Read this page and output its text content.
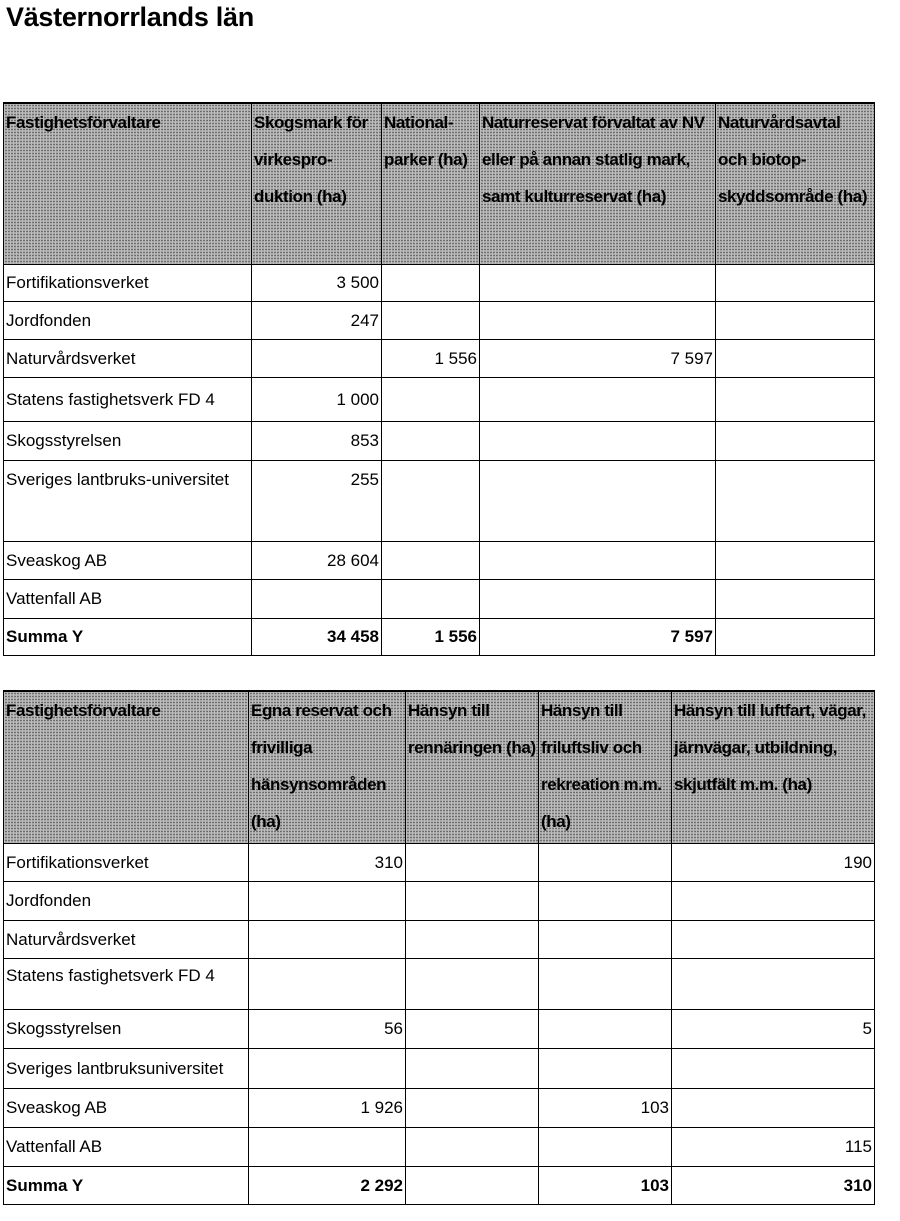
Västernorrlands län
Fastighetsförvaltare	Skogsmark för virkespro-duktion (ha)	National-parker (ha)	Naturreservat förvaltat av NV eller på annan statlig mark, samt kulturreservat (ha)	Naturvårdsavtal och biotop-skyddsområde (ha)
Fortifikationsverket	3 500			
Jordfonden	247			
Naturvårdsverket		1 556	7 597	
Statens fastighetsverk FD 4	1 000			
Skogsstyrelsen	853			
Sveriges lantbruks-universitet	255			
Sveaskog AB	28 604			
Vattenfall AB				
Summa Y	34 458	1 556	7 597	
Fastighetsförvaltare	Egna reservat och frivilliga hänsynsområden (ha)	Hänsyn till rennäringen (ha)	Hänsyn till friluftsliv och rekreation m.m. (ha)	Hänsyn till luftfart, vägar, järnvägar, utbildning, skjutfält m.m. (ha)
Fortifikationsverket	310			190
Jordfonden				
Naturvårdsverket				
Statens fastighetsverk FD 4				
Skogsstyrelsen	56			5
Sveriges lantbruksuniversitet				
Sveaskog AB	1 926		103	
Vattenfall AB				115
Summa Y	2 292		103	310
